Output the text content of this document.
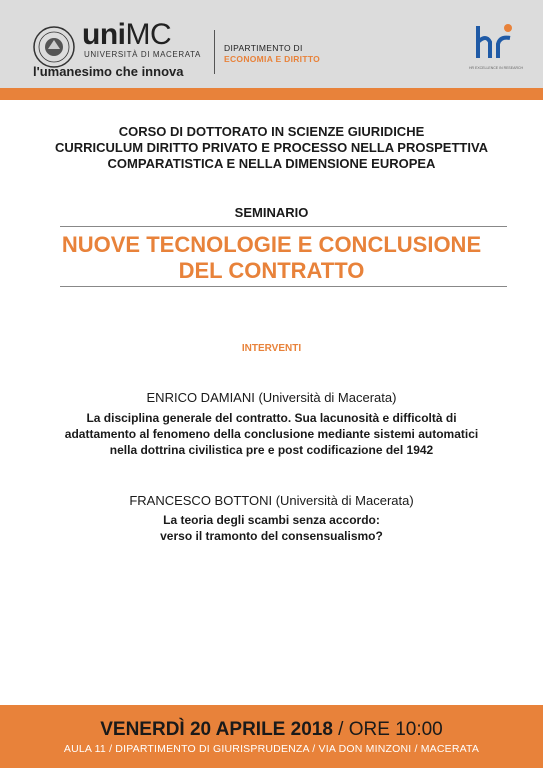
uniMC
UNIVERSITÀ DI MACERATA
l'umanesimo che innova
DIPARTIMENTO DI
ECONOMIA E DIRITTO
HR EXCELLENCE IN RESEARCH
CORSO DI DOTTORATO IN SCIENZE GIURIDICHE
CURRICULUM DIRITTO PRIVATO E PROCESSO NELLA PROSPETTIVA
COMPARATISTICA E NELLA DIMENSIONE EUROPEA
SEMINARIO
NUOVE TECNOLOGIE E CONCLUSIONE
DEL CONTRATTO
INTERVENTI
ENRICO DAMIANI (Università di Macerata)
La disciplina generale del contratto. Sua lacunosità e difficoltà di
adattamento al fenomeno della conclusione mediante sistemi automatici
nella dottrina civilistica pre e post codificazione del 1942
FRANCESCO BOTTONI (Università di Macerata)
La teoria degli scambi senza accordo:
verso il tramonto del consensualismo?
VENERDÌ 20 APRILE 2018 / ORE 10:00
AULA 11 / DIPARTIMENTO DI GIURISPRUDENZA / VIA DON MINZONI / MACERATA
